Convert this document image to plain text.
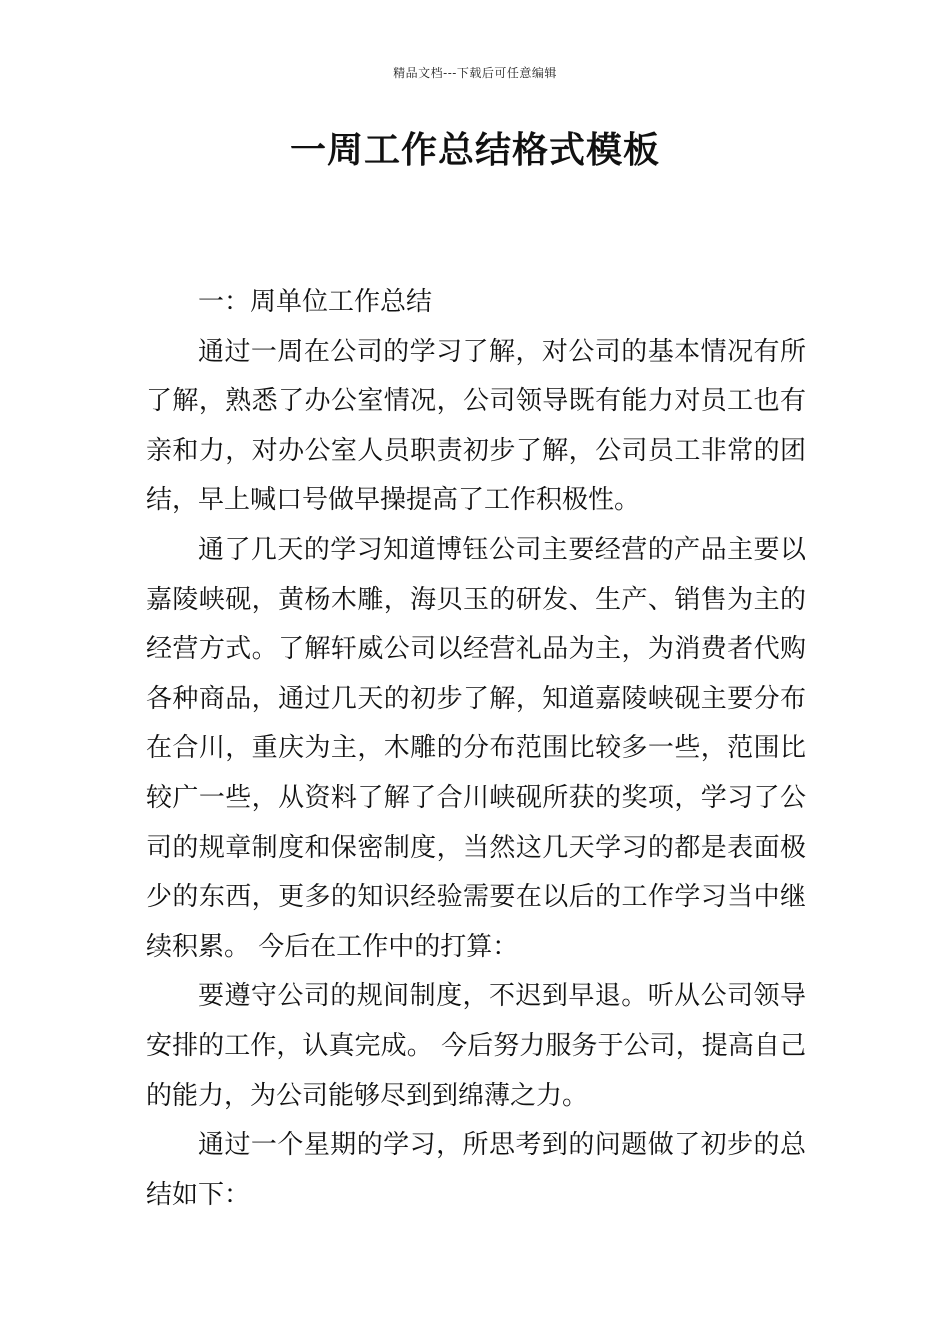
精品文档---下载后可任意编辑
一周工作总结格式模板

一：周单位工作总结

通过一周在公司的学习了解，对公司的基本情况有所了解，熟悉了办公室情况，公司领导既有能力对员工也有亲和力，对办公室人员职责初步了解，公司员工非常的团结，早上喊口号做早操提高了工作积极性。

通了几天的学习知道博钰公司主要经营的产品主要以嘉陵峡砚，黄杨木雕，海贝玉的研发、生产、销售为主的经营方式。了解轩威公司以经营礼品为主，为消费者代购各种商品，通过几天的初步了解，知道嘉陵峡砚主要分布在合川，重庆为主，木雕的分布范围比较多一些，范围比较广一些，从资料了解了合川峡砚所获的奖项，学习了公司的规章制度和保密制度，当然这几天学习的都是表面极少的东西，更多的知识经验需要在以后的工作学习当中继续积累。 今后在工作中的打算：

要遵守公司的规间制度，不迟到早退。听从公司领导安排的工作，认真完成。 今后努力服务于公司，提高自己的能力，为公司能够尽到到绵薄之力。

通过一个星期的学习，所思考到的问题做了初步的总结如下：
